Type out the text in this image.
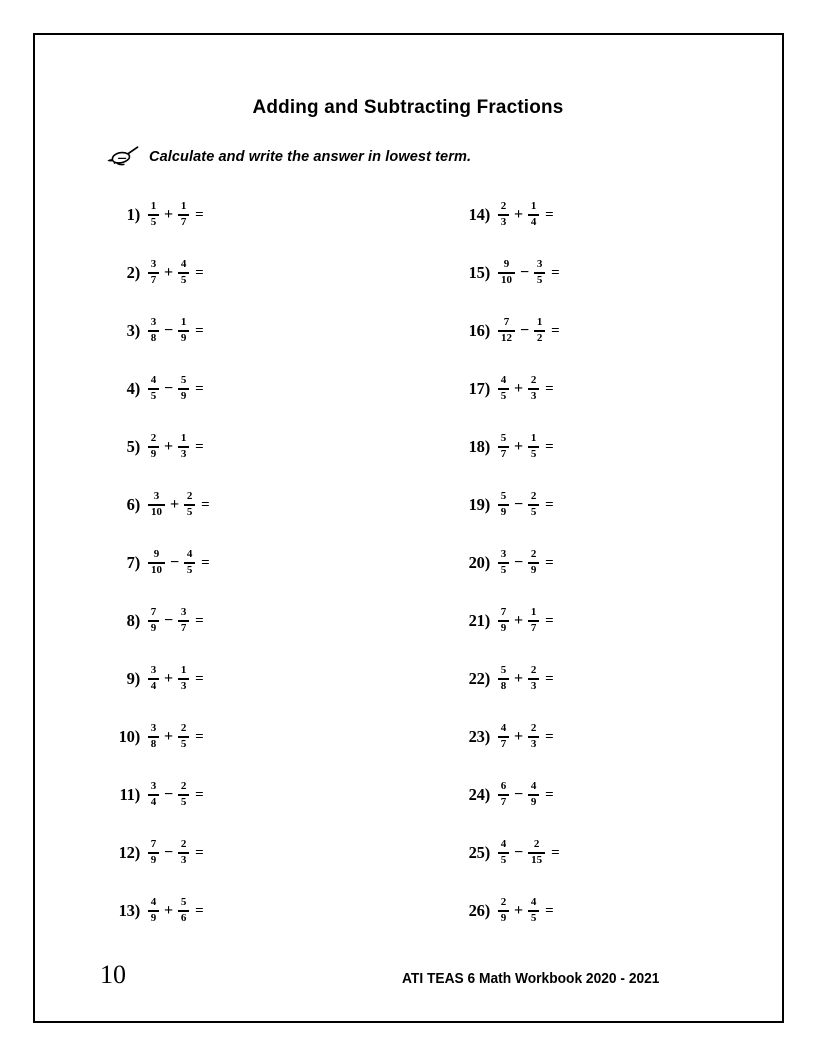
Adding and Subtracting Fractions
Calculate and write the answer in lowest term.
$1) \frac{1}{5} + \frac{1}{7}$ =
$2) \frac{3}{7} + \frac{4}{5}$ =
$3) \frac{3}{8} - \frac{1}{9}$ =
$4) \frac{4}{5} - \frac{5}{9}$ =
$5) \frac{2}{9} + \frac{1}{3}$ =
$6) \frac{3}{10} + \frac{2}{5}$ =
$7) \frac{9}{10} - \frac{4}{5}$ =
$8) \frac{7}{9} - \frac{3}{7}$ =
$9) \frac{3}{4} + \frac{1}{3}$ =
$10) \frac{3}{8} + \frac{2}{5}$ =
$11) \frac{3}{4} - \frac{2}{5}$ =
$12) \frac{7}{9} - \frac{2}{3}$ =
$13) \frac{4}{9} + \frac{5}{6}$ =
$14) \frac{2}{3} + \frac{1}{4}$ =
$15) \frac{9}{10} - \frac{3}{5}$ =
$16) \frac{7}{12} - \frac{1}{2}$ =
$17) \frac{4}{5} + \frac{2}{3}$ =
$18) \frac{5}{7} + \frac{1}{5}$ =
$19) \frac{5}{9} - \frac{2}{5}$ =
$20) \frac{3}{5} - \frac{2}{9}$ =
$21) \frac{7}{9} + \frac{1}{7}$ =
$22) \frac{5}{8} + \frac{2}{3}$ =
$23) \frac{4}{7} + \frac{2}{3}$ =
$24) \frac{6}{7} - \frac{4}{9}$ =
$25) \frac{4}{5} - \frac{2}{15}$ =
$26) \frac{2}{9} + \frac{4}{5}$ =
10	ATI TEAS 6 Math Workbook 2020 - 2021
